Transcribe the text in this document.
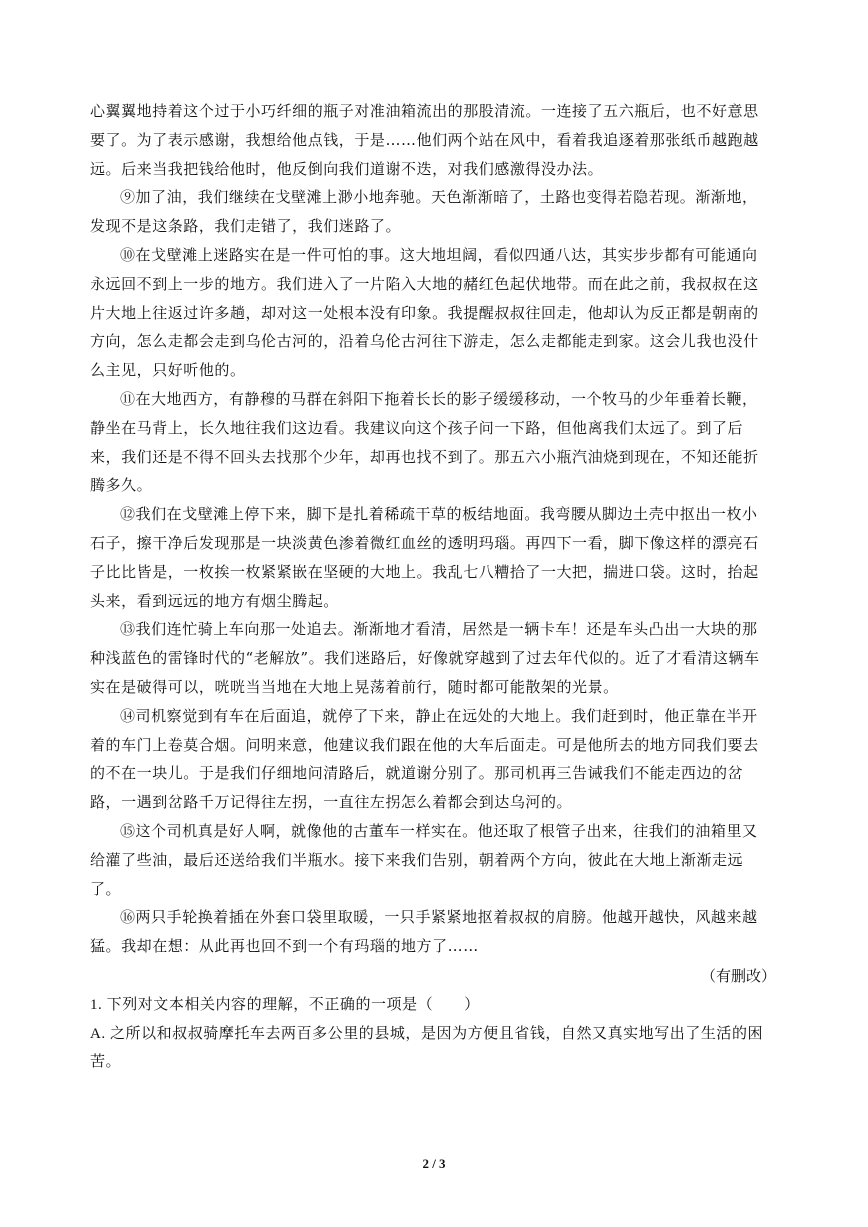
心翼翼地持着这个过于小巧纤细的瓶子对准油箱流出的那股清流。一连接了五六瓶后，也不好意思
要了。为了表示感谢，我想给他点钱，于是……他们两个站在风中，看着我追逐着那张纸币越跑越
远。后来当我把钱给他时，他反倒向我们道谢不迭，对我们感激得没办法。
⑨加了油，我们继续在戈壁滩上渺小地奔驰。天色渐渐暗了，土路也变得若隐若现。渐渐地，
发现不是这条路，我们走错了，我们迷路了。
⑩在戈壁滩上迷路实在是一件可怕的事。这大地坦阔，看似四通八达，其实步步都有可能通向
永远回不到上一步的地方。我们进入了一片陷入大地的赭红色起伏地带。而在此之前，我叔叔在这
片大地上往返过许多趟，却对这一处根本没有印象。我提醒叔叔往回走，他却认为反正都是朝南的
方向，怎么走都会走到乌伦古河的，沿着乌伦古河往下游走，怎么走都能走到家。这会儿我也没什
么主见，只好听他的。
⑪在大地西方，有静穆的马群在斜阳下拖着长长的影子缓缓移动，一个牧马的少年垂着长鞭，
静坐在马背上，长久地往我们这边看。我建议向这个孩子问一下路，但他离我们太远了。到了后
来，我们还是不得不回头去找那个少年，却再也找不到了。那五六小瓶汽油烧到现在，不知还能折
腾多久。
⑫我们在戈壁滩上停下来，脚下是扎着稀疏干草的板结地面。我弯腰从脚边土壳中抠出一枚小
石子，擦干净后发现那是一块淡黄色渗着微红血丝的透明玛瑙。再四下一看，脚下像这样的漂亮石
子比比皆是，一枚挨一枚紧紧嵌在坚硬的大地上。我乱七八糟拾了一大把，揣进口袋。这时，抬起
头来，看到远远的地方有烟尘腾起。
⑬我们连忙骑上车向那一处追去。渐渐地才看清，居然是一辆卡车！还是车头凸出一大块的那
种浅蓝色的雷锋时代的“老解放”。我们迷路后，好像就穿越到了过去年代似的。近了才看清这辆车
实在是破得可以，咣咣当当地在大地上晃荡着前行，随时都可能散架的光景。
⑭司机察觉到有车在后面追，就停了下来，静止在远处的大地上。我们赶到时，他正靠在半开
着的车门上卷莫合烟。问明来意，他建议我们跟在他的大车后面走。可是他所去的地方同我们要去
的不在一块儿。于是我们仔细地问清路后，就道谢分别了。那司机再三告诫我们不能走西边的岔
路，一遇到岔路千万记得往左拐，一直往左拐怎么着都会到达乌河的。
⑮这个司机真是好人啊，就像他的古董车一样实在。他还取了根管子出来，往我们的油箱里又
给灌了些油，最后还送给我们半瓶水。接下来我们告别，朝着两个方向，彼此在大地上渐渐走远
了。
⑯两只手轮换着插在外套口袋里取暖，一只手紧紧地抠着叔叔的肩膀。他越开越快，风越来越
猛。我却在想：从此再也回不到一个有玛瑙的地方了……
（有删改）
1. 下列对文本相关内容的理解，不正确的一项是（　　）
A. 之所以和叔叔骑摩托车去两百多公里的县城，是因为方便且省钱，自然又真实地写出了生活的困
苦。
2 / 3
